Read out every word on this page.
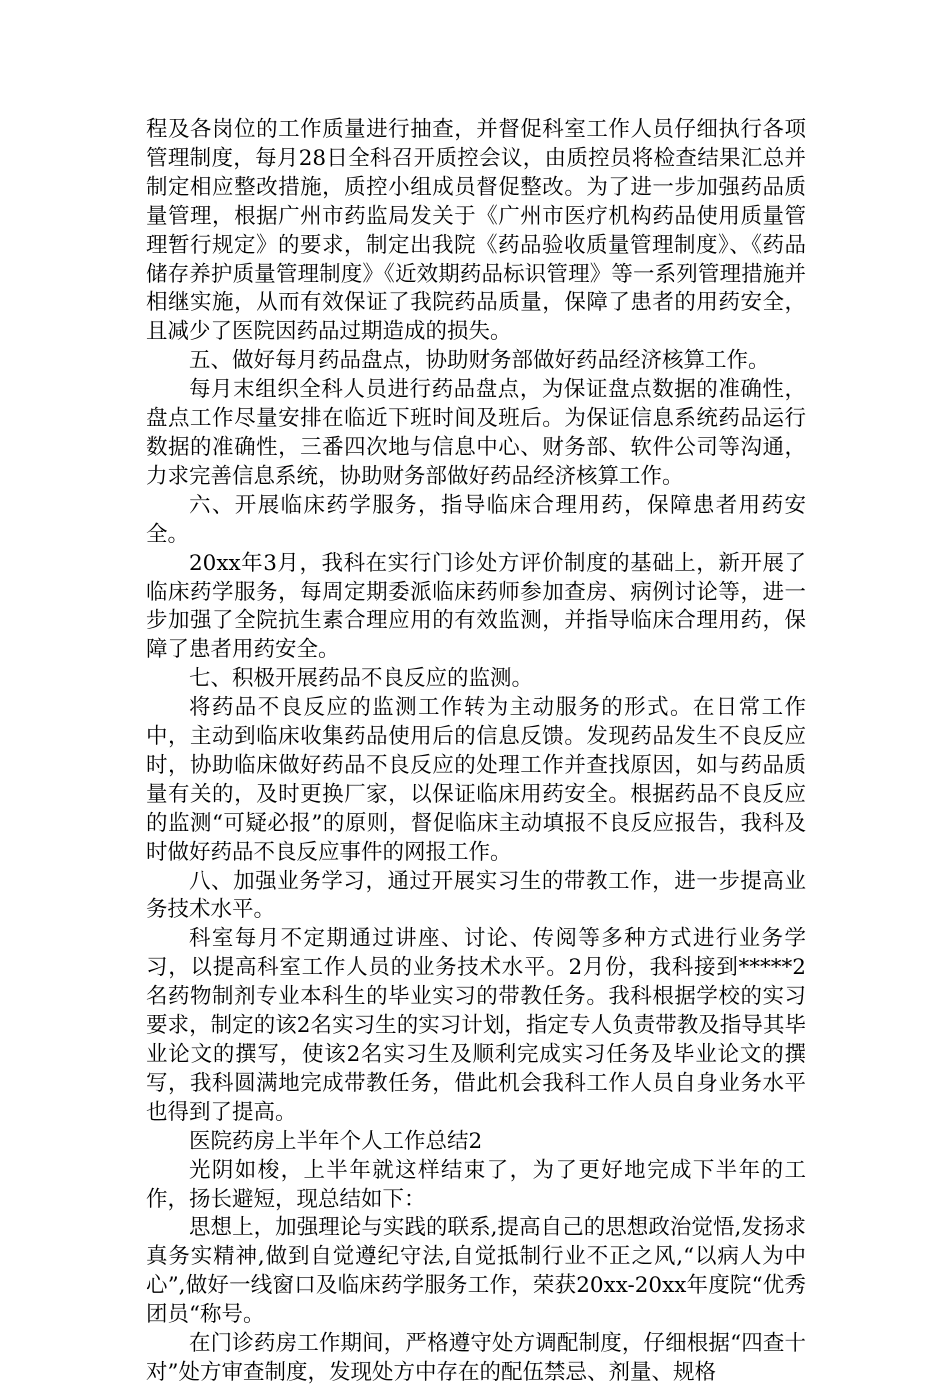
程及各岗位的工作质量进行抽查，并督促科室工作人员仔细执行各项管理制度，每月28日全科召开质控会议，由质控员将检查结果汇总并制定相应整改措施，质控小组成员督促整改。为了进一步加强药品质量管理，根据广州市药监局发关于《广州市医疗机构药品使用质量管理暂行规定》的要求，制定出我院《药品验收质量管理制度》、《药品储存养护质量管理制度》《近效期药品标识管理》等一系列管理措施并相继实施，从而有效保证了我院药品质量，保障了患者的用药安全，且减少了医院因药品过期造成的损失。

五、做好每月药品盘点，协助财务部做好药品经济核算工作。

每月末组织全科人员进行药品盘点，为保证盘点数据的准确性，盘点工作尽量安排在临近下班时间及班后。为保证信息系统药品运行数据的准确性，三番四次地与信息中心、财务部、软件公司等沟通，力求完善信息系统，协助财务部做好药品经济核算工作。

六、开展临床药学服务，指导临床合理用药，保障患者用药安全。

20xx年3月，我科在实行门诊处方评价制度的基础上，新开展了临床药学服务，每周定期委派临床药师参加查房、病例讨论等，进一步加强了全院抗生素合理应用的有效监测，并指导临床合理用药，保障了患者用药安全。

七、积极开展药品不良反应的监测。

将药品不良反应的监测工作转为主动服务的形式。在日常工作中，主动到临床收集药品使用后的信息反馈。发现药品发生不良反应时，协助临床做好药品不良反应的处理工作并查找原因，如与药品质量有关的，及时更换厂家，以保证临床用药安全。根据药品不良反应的监测“可疑必报”的原则，督促临床主动填报不良反应报告，我科及时做好药品不良反应事件的网报工作。

八、加强业务学习，通过开展实习生的带教工作，进一步提高业务技术水平。

科室每月不定期通过讲座、讨论、传阅等多种方式进行业务学习，以提高科室工作人员的业务技术水平。2月份，我科接到*****2名药物制剂专业本科生的毕业实习的带教任务。我科根据学校的实习要求，制定的该2名实习生的实习计划，指定专人负责带教及指导其毕业论文的撰写，使该2名实习生及顺利完成实习任务及毕业论文的撰写，我科圆满地完成带教任务，借此机会我科工作人员自身业务水平也得到了提高。

医院药房上半年个人工作总结2

光阴如梭，上半年就这样结束了，为了更好地完成下半年的工作，扬长避短，现总结如下：

思想上，加强理论与实践的联系,提高自己的思想政治觉悟,发扬求真务实精神,做到自觉遵纪守法,自觉抵制行业不正之风,“以病人为中心”,做好一线窗口及临床药学服务工作，荣获20xx-20xx年度院“优秀团员“称号。

在门诊药房工作期间，严格遵守处方调配制度，仔细根据“四查十对”处方审查制度，发现处方中存在的配伍禁忌、剂量、规格
